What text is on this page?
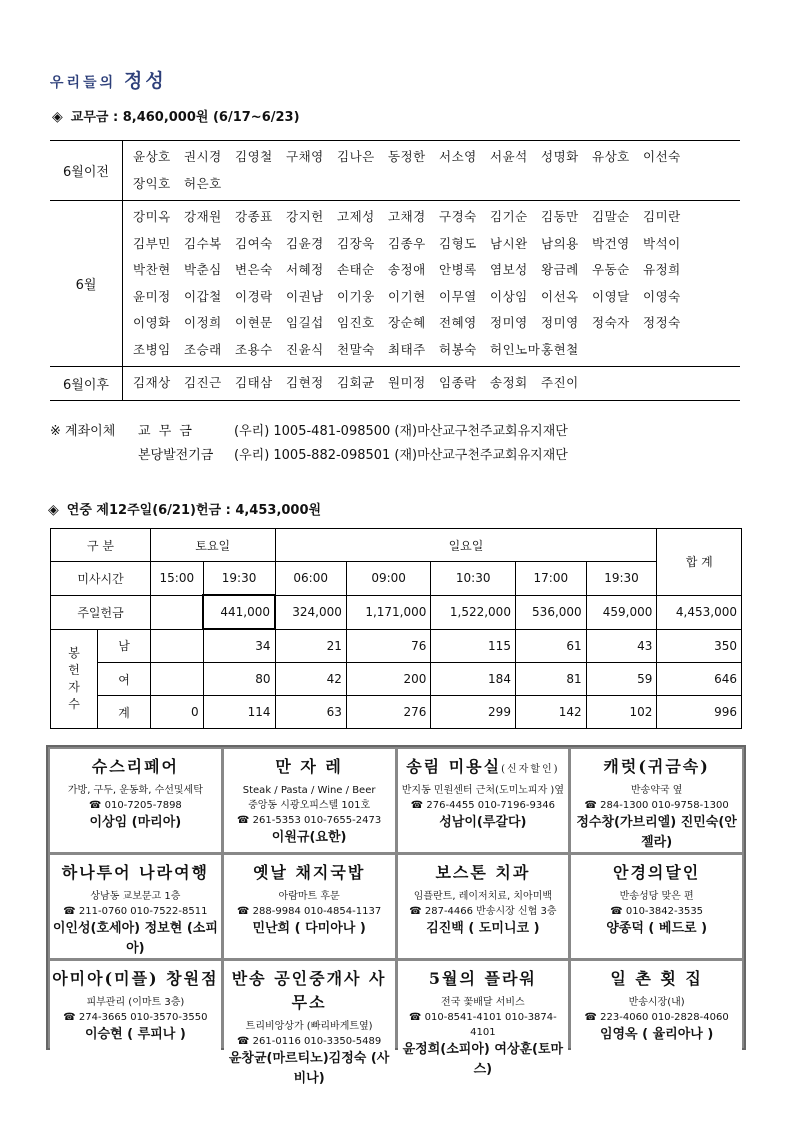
우리들의 정성
◈ 교무금 : 8,460,000원 (6/17~6/23)
6월이전	윤상호 권시경 김영철 구채영 김나은 동정한 서소영 서윤석 성명화 유상호 이선숙장익호 허은호
6월	강미옥 강재원 강종표 강지헌 고제성 고채경 구경숙 김기순 김동만 김말순 김미란김부민 김수복 김여숙 김윤경 김장욱 김종우 김형도 남시완 남의용 박건영 박석이박찬현 박춘심 변은숙 서혜정 손태순 송정애 안병록 염보성 왕금례 우동순 유정희윤미정 이갑철 이경락 이권남 이기웅 이기현 이무열 이상임 이선옥 이영달 이영숙이영화 이정희 이현문 임길섭 임진호 장순혜 전혜영 정미영 정미영 정숙자 정정숙조병임 조승래 조용수 진윤식 천말숙 최태주 허봉숙 허인노마홍현철
6월이후	김재상 김진근 김태삼 김현정 김회균 원미정 임종락 송정회 주진이
※ 계좌이체 교 무 금	(우리) 1005-481-098500 (재)마산교구천주교회유지재단
본당발전기금 (우리) 1005-882-098501 (재)마산교구천주교회유지재단
◈ 연중 제12주일(6/21)헌금 : 4,453,000원
구 분		토요일		일요일					합 계
미사시간		15:00	19:30	06:00	09:00	10:30	17:00	19:30	
주일헌금			441,000	324,000	1,171,000	1,522,000	536,000	459,000	4,453,000
봉
헌
자
수	남		34	21	76	115	61	43	350
	여		80	42	200	184	81	59	646
	계	0	114	63	276	299	142	102	996
슈스리페어
가방, 구두, 운동화, 수선및세탁
☎ 010-7205-7898
이상임 (마리아)
만 자 레
Steak / Pasta / Wine / Beer
중앙동 시광오피스텔 101호
☎ 261-5353 010-7655-2473
이원규(요한)
송림 미용실(신자할인)
반지동 민원센터 근처(도미노피자 )옆
☎ 276-4455 010-7196-9346
성남이(루갈다)
캐럿(귀금속)
반송약국 옆
☎ 284-1300 010-9758-1300
정수창(가브리엘) 진민숙(안젤라)
하나투어 나라여행
상남동 교보문고 1층
☎ 211-0760 010-7522-8511
이인성(호세아) 정보현 (소피아)
옛날 채지국밥
아람마트 후문
☎ 288-9984 010-4854-1137
민난희 ( 다미아나 )
보스톤 치과
임플란트, 레이저치료, 치아미백
☎ 287-4466 반송시장 신협 3층
김진백 ( 도미니코 )
안경의달인
반송성당 맞은 편
☎ 010-3842-3535
양종덕 ( 베드로 )
아미아(미플) 창원점
피부관리 (이마트 3층)
☎ 274-3665 010-3570-3550
이승현 ( 루피나 )
반송 공인중개사 사무소
트리비앙상가 (빠리바게트옆)
☎ 261-0116 010-3350-5489
윤창균(마르티노)김정숙 (사비나)
5월의 플라워
전국 꽃배달 서비스
☎ 010-8541-4101 010-3874-4101
윤정희(소피아) 여상훈(토마스)
일 촌 횟 집
반송시장(내)
☎ 223-4060 010-2828-4060
임영옥 ( 율리아나 )
